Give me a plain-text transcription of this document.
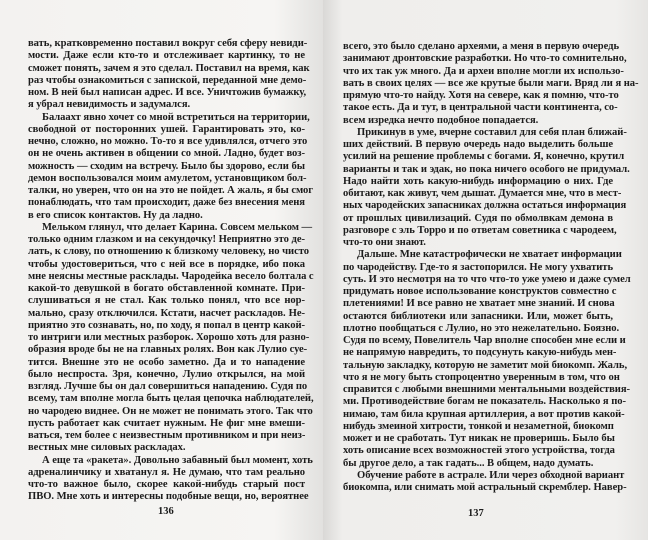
вать, кратковременно поставил вокруг себя сферу невиди-
мости. Даже если кто-то и отслеживает картинку, то не
сможет понять, зачем я это сделал. Поставил на время, как
раз чтобы ознакомиться с запиской, переданной мне демо-
ном. В ней был написан адрес. И все. Уничтожив бумажку,
я убрал невидимость и задумался.
Балаахт явно хочет со мной встретиться на территории,
свободной от посторонних ушей. Гарантировать это, ко-
нечно, сложно, но можно. То-то я все удивлялся, отчего это
он не очень активен в общении со мной. Ладно, будет воз-
можность — сходим на встречу. Было бы здорово, если бы
демон воспользовался моим амулетом, установщиком бол-
талки, но уверен, что он на это не пойдет. А жаль, я бы смог
понаблюдать, что там происходит, даже без внесения меня
в его список контактов. Ну да ладно.
Мельком глянул, что делает Карина. Совсем мельком —
только одним глазком и на секундочку! Неприятно это де-
лать, к слову, по отношению к близкому человеку, но чисто
чтобы удостовериться, что с ней все в порядке, ибо пока
мне неясны местные расклады. Чародейка весело болтала с
какой-то девушкой в богато обставленной комнате. При-
слушиваться я не стал. Как только понял, что все нор-
мально, сразу отключился. Кстати, насчет раскладов. Не-
приятно это сознавать, но, по ходу, я попал в центр какой-
то интриги или местных разборок. Хорошо хоть для разно-
образия вроде бы не на главных ролях. Вон как Лулио суе-
тится. Внешне это не особо заметно. Да и то нападение
было неспроста. Зря, конечно, Лулио открылся, на мой
взгляд. Лучше бы он дал совершиться нападению. Судя по
всему, там вполне могла быть целая цепочка наблюдателей,
но чародею виднее. Он не может не понимать этого. Так что
пусть работает как считает нужным. Не фиг мне вмеши-
ваться, тем более с неизвестным противником и при неиз-
вестных мне силовых раскладах.
А еще та «ракета». Довольно забавный был момент, хоть
адреналинчику и хватанул я. Не думаю, что там реально
что-то важное было, скорее какой-нибудь старый пост
ПВО. Мне хоть и интересны подобные вещи, но, вероятнее
136
всего, это было сделано археями, а меня в первую очередь
занимают дронтовские разработки. Но что-то сомнительно,
что их так уж много. Да и археи вполне могли их использо-
вать в своих целях — все же крутые были маги. Вряд ли я на-
прямую что-то найду. Хотя на севере, как я помню, что-то
такое есть. Да и тут, в центральной части континента, со-
всем изредка нечто подобное попадается.
Прикинув в уме, вчерне составил для себя план ближай-
ших действий. В первую очередь надо выделить больше
усилий на решение проблемы с богами. Я, конечно, крутил
варианты и так и эдак, но пока ничего особого не придумал.
Надо найти хоть какую-нибудь информацию о них. Где
обитают, как живут, чем дышат. Думается мне, что в мест-
ных чародейских запасниках должна остаться информация
от прошлых цивилизаций. Судя по обмолвкам демона в
разговоре с эль Торро и по ответам советника с чародеем,
что-то они знают.
Дальше. Мне катастрофически не хватает информации
по чародейству. Где-то я застопорился. Не могу ухватить
суть. И это несмотря на то что что-то уже умею и даже сумел
придумать новое использование конструктов совместно с
плетениями! И все равно не хватает мне знаний. И снова
остаются библиотеки или запасники. Или, может быть,
плотно пообщаться с Лулио, но это нежелательно. Боязно.
Судя по всему, Повелитель Чар вполне способен мне если и
не напрямую навредить, то подсунуть какую-нибудь мен-
тальную закладку, которую не заметит мой биокомп. Жаль,
что я не могу быть стопроцентно уверенным в том, что он
справится с любыми внешними ментальными воздействия-
ми. Противодействие богам не показатель. Насколько я по-
нимаю, там била крупная артиллерия, а вот против какой-
нибудь змеиной хитрости, тонкой и незаметной, биокомп
может и не сработать. Тут никак не проверишь. Было бы
хоть описание всех возможностей этого устройства, тогда
бы другое дело, а так гадать... В общем, надо думать.
Обучение работе в астрале. Или через обходной вариант
биокомпа, или снимать мой астральный скремблер. Навер-
137
